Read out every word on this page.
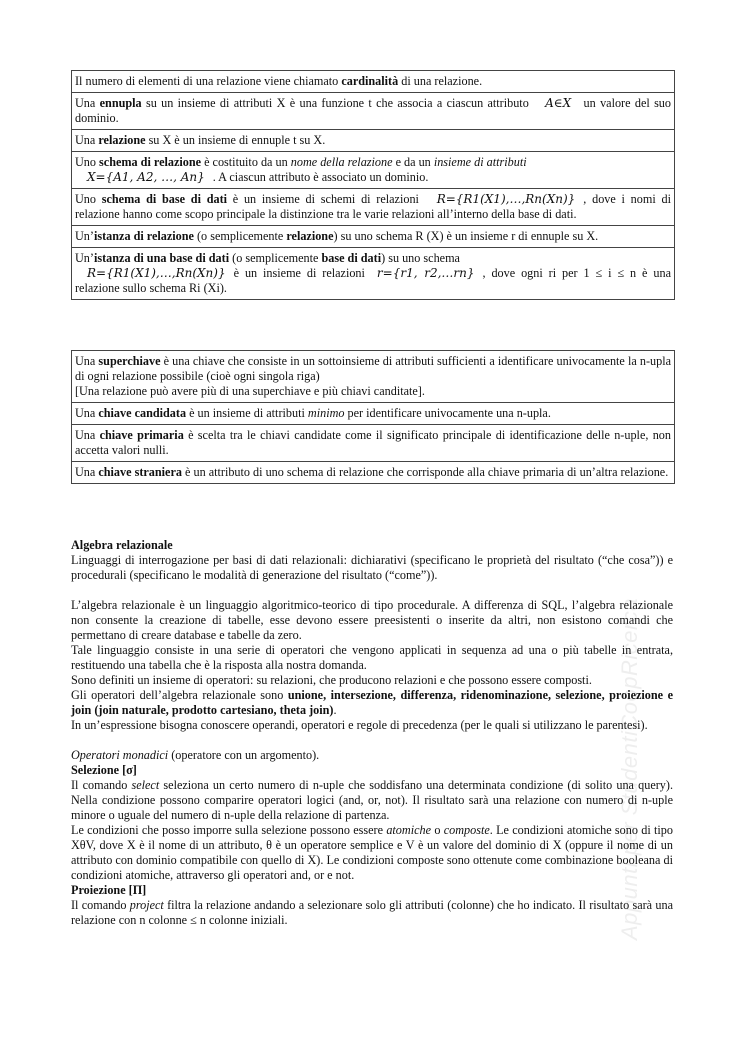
Il numero di elementi di una relazione viene chiamato cardinalità di una relazione.
Una ennupla su un insieme di attributi X è una funzione t che associa a ciascun attributo A∈X un valore del suo dominio.
Una relazione su X è un insieme di ennuple t su X.
Uno schema di relazione è costituito da un nome della relazione e da un insieme di attributi
X={A1, A2, …, An} . A ciascun attributo è associato un dominio.
Uno schema di base di dati è un insieme di schemi di relazioni R={R1(X1),…,Rn(Xn)} , dove i nomi di relazione hanno come scopo principale la distinzione tra le varie relazioni all’interno della base di dati.
Un’istanza di relazione (o semplicemente relazione) su uno schema R (X) è un insieme r di ennuple su X.
Un’istanza di una base di dati (o semplicemente base di dati) su uno schema
R={R1(X1),…,Rn(Xn)} è un insieme di relazioni r={r1, r2,…rn} , dove ogni ri per 1 ≤ i ≤ n è una relazione sullo schema Ri (Xi).
Una superchiave è una chiave che consiste in un sottoinsieme di attributi sufficienti a identificare univocamente la n-upla di ogni relazione possibile (cioè ogni singola riga)
[Una relazione può avere più di una superchiave e più chiavi canditate].
Una chiave candidata è un insieme di attributi minimo per identificare univocamente una n-upla.
Una chiave primaria è scelta tra le chiavi candidate come il significato principale di identificazione delle n-uple, non accetta valori nulli.
Una chiave straniera è un attributo di uno schema di relazione che corrisponde alla chiave primaria di un’altra relazione.

Algebra relazionale

Linguaggi di interrogazione per basi di dati relazionali: dichiarativi (specificano le proprietà del risultato (“che cosa”)) e procedurali (specificano le modalità di generazione del risultato (“come”)).

L’algebra relazionale è un linguaggio algoritmico-teorico di tipo procedurale. A differenza di SQL, l’algebra relazionale non consente la creazione di tabelle, esse devono essere preesistenti o inserite da altri, non esistono comandi che permettano di creare database e tabelle da zero.

Tale linguaggio consiste in una serie di operatori che vengono applicati in sequenza ad una o più tabelle in entrata, restituendo una tabella che è la risposta alla nostra domanda.

Sono definiti un insieme di operatori: su relazioni, che producono relazioni e che possono essere composti.

Gli operatori dell’algebra relazionale sono unione, intersezione, differenza, ridenominazione, selezione, proiezione e join (join naturale, prodotto cartesiano, theta join).

In un’espressione bisogna conoscere operandi, operatori e regole di precedenza (per le quali si utilizzano le parentesi).

Operatori monadici (operatore con un argomento).

Selezione [σ]

Il comando select seleziona un certo numero di n-uple che soddisfano una determinata condizione (di solito una query). Nella condizione possono comparire operatori logici (and, or, not). Il risultato sarà una relazione con numero di n-uple minore o uguale del numero di n-uple della relazione di partenza.

Le condizioni che posso imporre sulla selezione possono essere atomiche o composte. Le condizioni atomiche sono di tipo XθV, dove X è il nome di un attributo, θ è un operatore semplice e V è un valore del dominio di X (oppure il nome di un attributo con dominio compatibile con quello di X). Le condizioni composte sono ottenute come combinazione booleana di condizioni atomiche, attraverso gli operatori and, or e not.

Proiezione [Π]

Il comando project filtra la relazione andando a selezionare solo gli attributi (colonne) che ho indicato. Il risultato sarà una relazione con n colonne ≤ n colonne iniziali.	Appunti per StudentiCoopRicerca
